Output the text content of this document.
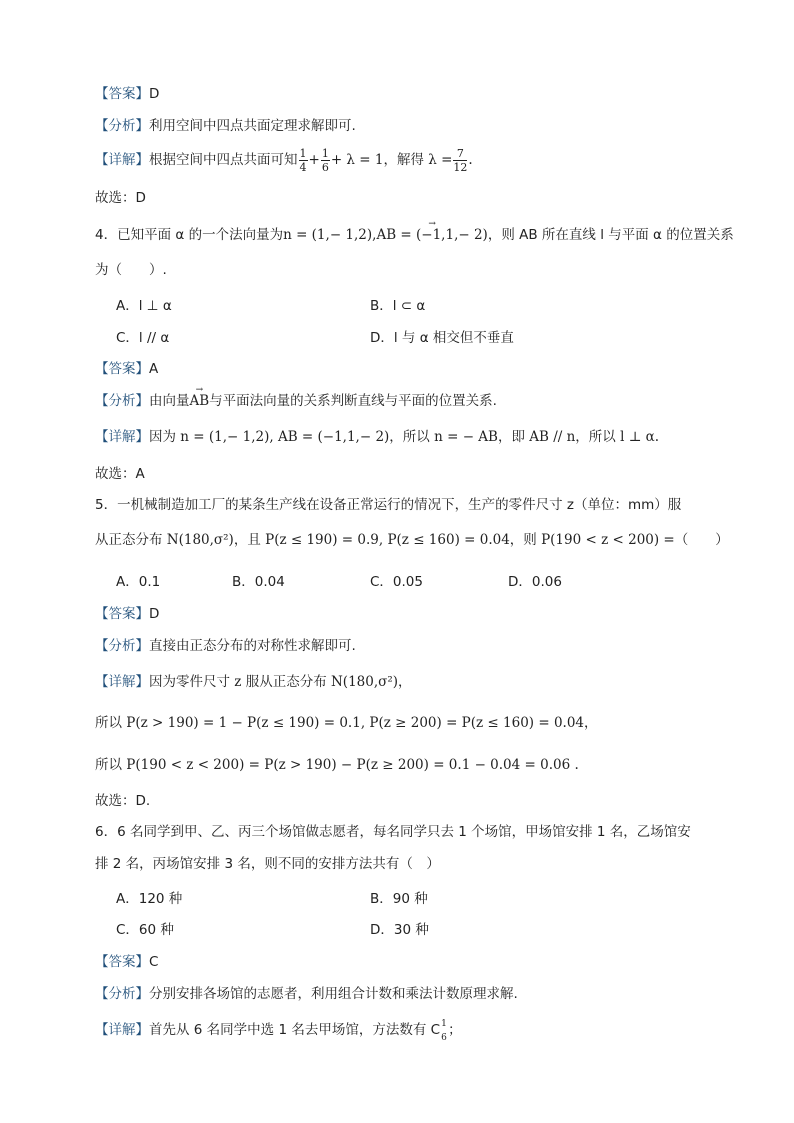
【答案】D
【分析】利用空间中四点共面定理求解即可.
【详解】根据空间中四点共面可知 $\frac{1}{4} + \frac{1}{6} + \lambda = 1$，解得 $\lambda = \frac{7}{12}$ .
故选：D
4．已知平面 α 的一个法向量为n = (1,− 1,2),→ AB = (−1,1,− 2)，则 AB 所在直线 l 与平面 α 的位置关系
为（　　）.
A．l ⊥ α	B．l ⊂ α
C．l // α	D．l 与 α 相交但不垂直
【答案】A
【分析】由向量→ AB与平面法向量的关系判断直线与平面的位置关系.
【详解】因为 n = (1,− 1,2), AB = (−1,1,− 2)，所以 n = − AB，即 AB // n，所以 l ⊥ α.
故选：A
5．一机械制造加工厂的某条生产线在设备正常运行的情况下，生产的零件尺寸 z（单位：mm）服
从正态分布 N(180,σ²)，且 P(z ≤ 190) = 0.9, P(z ≤ 160) = 0.04，则 P(190 < z < 200) =（　　）
A．0.1	B．0.04	C．0.05	D．0.06
【答案】D
【分析】直接由正态分布的对称性求解即可.
【详解】因为零件尺寸 z 服从正态分布 N(180,σ²)，
所以 P(z > 190) = 1 − P(z ≤ 190) = 0.1, P(z ≥ 200) = P(z ≤ 160) = 0.04，
所以 P(190 < z < 200) = P(z > 190) − P(z ≥ 200) = 0.1 − 0.04 = 0.06 .
故选：D.
6．6 名同学到甲、乙、丙三个场馆做志愿者，每名同学只去 1 个场馆，甲场馆安排 1 名，乙场馆安
排 2 名，丙场馆安排 3 名，则不同的安排方法共有（　）
A．120 种	B．90 种
C．60 种	D．30 种
【答案】C
【分析】分别安排各场馆的志愿者，利用组合计数和乘法计数原理求解.
【详解】首先从 6 名同学中选 1 名去甲场馆，方法数有 C 1
6 ；
